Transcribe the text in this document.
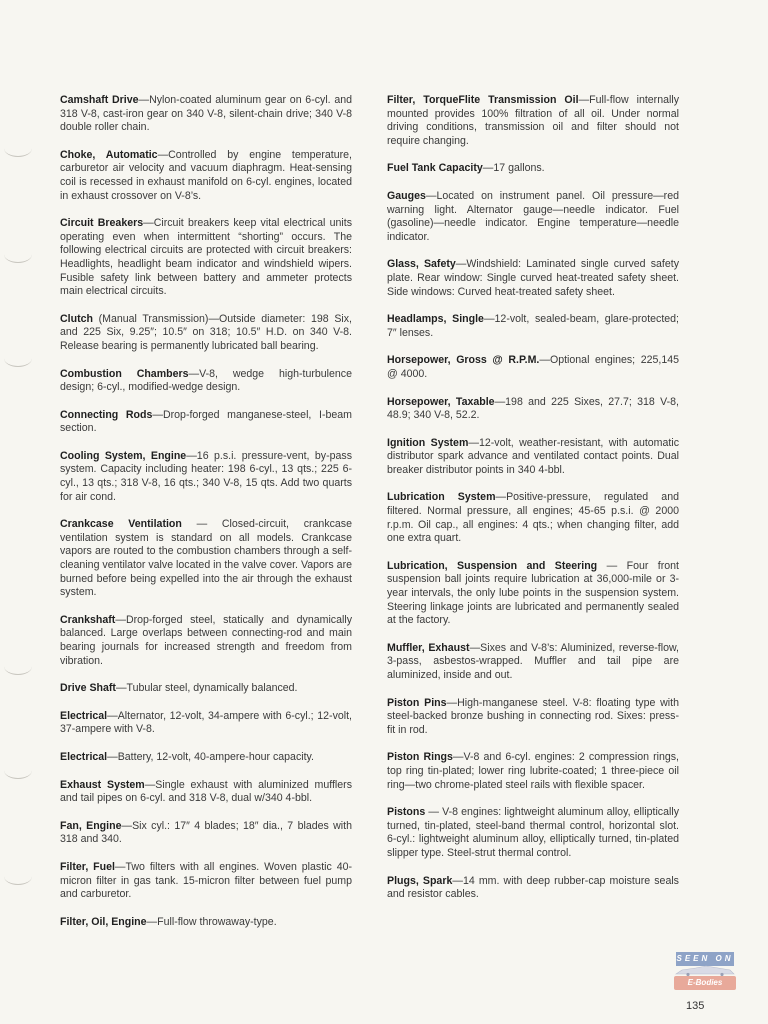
Camshaft Drive—Nylon-coated aluminum gear on 6-cyl. and 318 V-8, cast-iron gear on 340 V-8, silent-chain drive; 340 V-8 double roller chain.

Choke, Automatic—Controlled by engine temperature, carburetor air velocity and vacuum diaphragm. Heat-sensing coil is recessed in exhaust manifold on 6-cyl. engines, located in exhaust crossover on V-8’s.

Circuit Breakers—Circuit breakers keep vital electrical units operating even when intermittent “shorting” occurs. The following electrical circuits are protected with circuit breakers: Headlights, headlight beam indicator and windshield wipers. Fusible safety link between battery and ammeter protects main electrical circuits.

Clutch (Manual Transmission)—Outside diameter: 198 Six, and 225 Six, 9.25″; 10.5″ on 318; 10.5″ H.D. on 340 V-8. Release bearing is permanently lubricated ball bearing.

Combustion Chambers—V-8, wedge high-turbulence design; 6-cyl., modified-wedge design.

Connecting Rods—Drop-forged manganese-steel, I-beam section.

Cooling System, Engine—16 p.s.i. pressure-vent, by-pass system. Capacity including heater: 198 6-cyl., 13 qts.; 225 6-cyl., 13 qts.; 318 V-8, 16 qts.; 340 V-8, 15 qts. Add two quarts for air cond.

Crankcase Ventilation — Closed-circuit, crankcase ventilation system is standard on all models. Crankcase vapors are routed to the combustion chambers through a self-cleaning ventilator valve located in the valve cover. Vapors are burned before being expelled into the air through the exhaust system.

Crankshaft—Drop-forged steel, statically and dynamically balanced. Large overlaps between connecting-rod and main bearing journals for increased strength and freedom from vibration.

Drive Shaft—Tubular steel, dynamically balanced.

Electrical—Alternator, 12-volt, 34-ampere with 6-cyl.; 12-volt, 37-ampere with V-8.

Electrical—Battery, 12-volt, 40-ampere-hour capacity.

Exhaust System—Single exhaust with aluminized mufflers and tail pipes on 6-cyl. and 318 V-8, dual w/340 4-bbl.

Fan, Engine—Six cyl.: 17″ 4 blades; 18″ dia., 7 blades with 318 and 340.

Filter, Fuel—Two filters with all engines. Woven plastic 40-micron filter in gas tank. 15-micron filter between fuel pump and carburetor.

Filter, Oil, Engine—Full-flow throwaway-type.

Filter, TorqueFlite Transmission Oil—Full-flow internally mounted provides 100% filtration of all oil. Under normal driving conditions, transmission oil and filter should not require changing.

Fuel Tank Capacity—17 gallons.

Gauges—Located on instrument panel. Oil pressure—red warning light. Alternator gauge—needle indicator. Fuel (gasoline)—needle indicator. Engine temperature—needle indicator.

Glass, Safety—Windshield: Laminated single curved safety plate. Rear window: Single curved heat-treated safety sheet. Side windows: Curved heat-treated safety sheet.

Headlamps, Single—12-volt, sealed-beam, glare-protected; 7″ lenses.

Horsepower, Gross @ R.P.M.—Optional engines; 225,145 @ 4000.

Horsepower, Taxable—198 and 225 Sixes, 27.7; 318 V-8, 48.9; 340 V-8, 52.2.

Ignition System—12-volt, weather-resistant, with automatic distributor spark advance and ventilated contact points. Dual breaker distributor points in 340 4-bbl.

Lubrication System—Positive-pressure, regulated and filtered. Normal pressure, all engines; 45-65 p.s.i. @ 2000 r.p.m. Oil cap., all engines: 4 qts.; when changing filter, add one extra quart.

Lubrication, Suspension and Steering — Four front suspension ball joints require lubrication at 36,000-mile or 3-year intervals, the only lube points in the suspension system. Steering linkage joints are lubricated and permanently sealed at the factory.

Muffler, Exhaust—Sixes and V-8’s: Aluminized, reverse-flow, 3-pass, asbestos-wrapped. Muffler and tail pipe are aluminized, inside and out.

Piston Pins—High-manganese steel. V-8: floating type with steel-backed bronze bushing in connecting rod. Sixes: press-fit in rod.

Piston Rings—V-8 and 6-cyl. engines: 2 compression rings, top ring tin-plated; lower ring lubrite-coated; 1 three-piece oil ring—two chrome-plated steel rails with flexible spacer.

Pistons — V-8 engines: lightweight aluminum alloy, elliptically turned, tin-plated, steel-band thermal control, horizontal slot. 6-cyl.: lightweight aluminum alloy, elliptically turned, tin-plated slipper type. Steel-strut thermal control.

Plugs, Spark—14 mm. with deep rubber-cap moisture seals and resistor cables.

SEEN ON
E-Bodies
135
